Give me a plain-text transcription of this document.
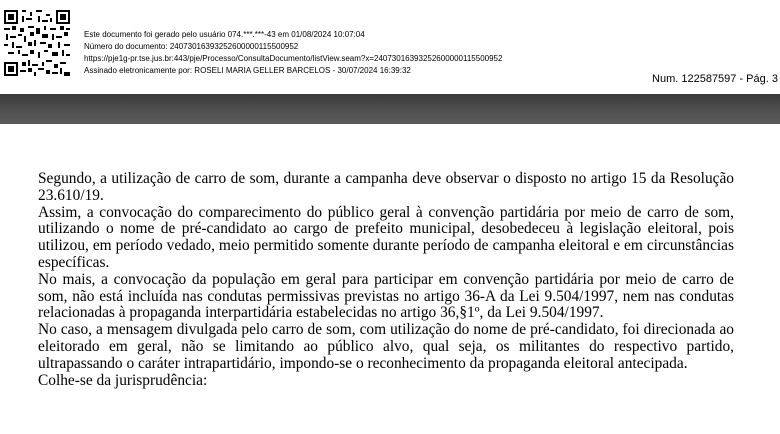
Este documento foi gerado pelo usuário 074.***.***-43 em 01/08/2024 10:07:04
Número do documento: 24073016393252600000115500952
https://pje1g-pr.tse.jus.br:443/pje/Processo/ConsultaDocumento/listView.seam?x=24073016393252600000115500952
Assinado eletronicamente por: ROSELI MARIA GELLER BARCELOS - 30/07/2024 16:39:32
Num. 122587597 - Pág. 3

Segundo, a utilização de carro de som, durante a campanha deve observar o disposto no artigo 15 da Resolução 23.610/19.

Assim, a convocação do comparecimento do público geral à convenção partidária por meio de carro de som, utilizando o nome de pré-candidato ao cargo de prefeito municipal, desobedeceu à legislação eleitoral, pois utilizou, em período vedado, meio permitido somente durante período de campanha eleitoral e em circunstâncias específicas.

No mais, a convocação da população em geral para participar em convenção partidária por meio de carro de som, não está incluída nas condutas permissivas previstas no artigo 36-A da Lei 9.504/1997, nem nas condutas relacionadas à propaganda interpartidária estabelecidas no artigo 36,§1º, da Lei 9.504/1997.

No caso, a mensagem divulgada pelo carro de som, com utilização do nome de pré-candidato, foi direcionada ao eleitorado em geral, não se limitando ao público alvo, qual seja, os militantes do respectivo partido, ultrapassando o caráter intrapartidário, impondo-se o reconhecimento da propaganda eleitoral antecipada.

Colhe-se da jurisprudência:
